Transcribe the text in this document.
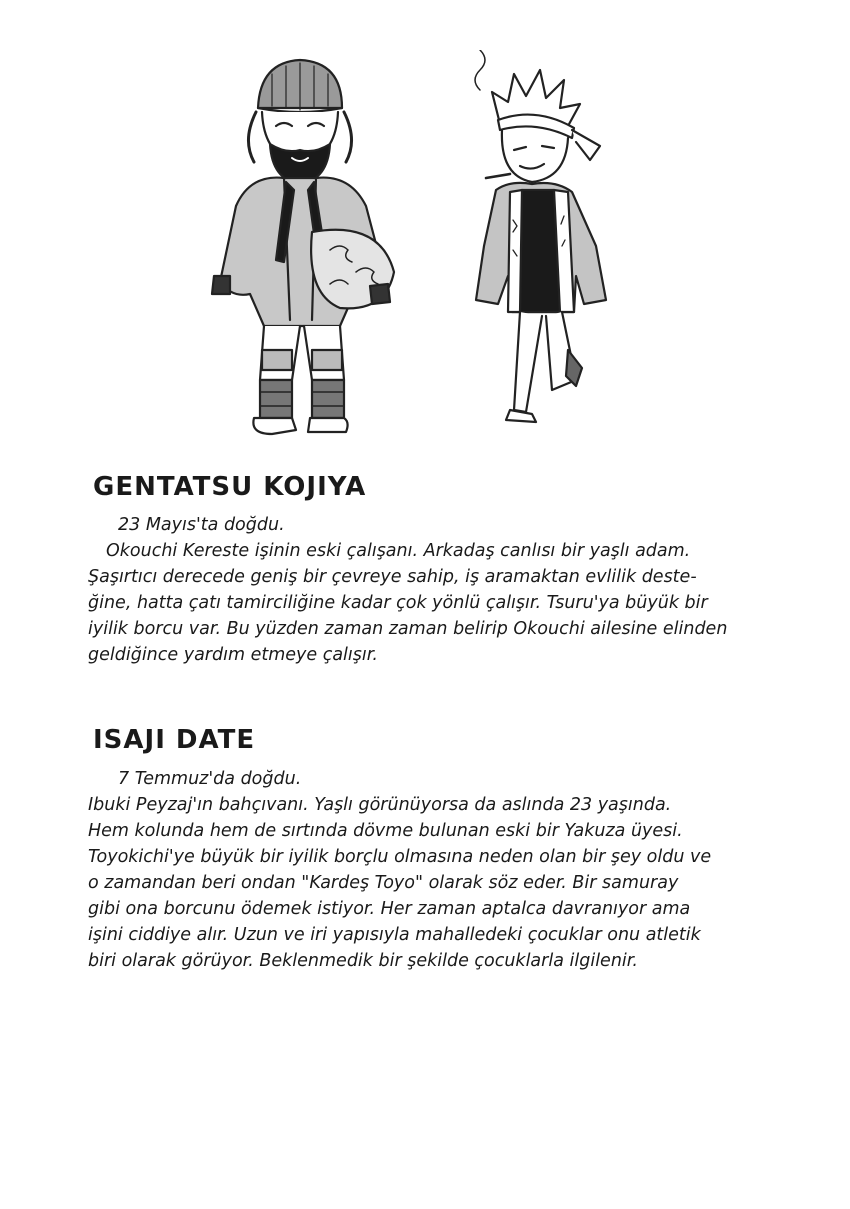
GENTATSU KOJIYA
23 Mayıs'ta doğdu.
Okouchi Kereste işinin eski çalışanı. Arkadaş canlısı bir yaşlı adam.
Şaşırtıcı derecede geniş bir çevreye sahip, iş aramaktan evlilik deste-
ğine, hatta çatı tamirciliğine kadar çok yönlü çalışır. Tsuru'ya büyük bir
iyilik borcu var. Bu yüzden zaman zaman belirip Okouchi ailesine elinden
geldiğince yardım etmeye çalışır.
ISAJI DATE
7 Temmuz'da doğdu.
Ibuki Peyzaj'ın bahçıvanı. Yaşlı görünüyorsa da aslında 23 yaşında.
Hem kolunda hem de sırtında dövme bulunan eski bir Yakuza üyesi.
Toyokichi'ye büyük bir iyilik borçlu olmasına neden olan bir şey oldu ve
o zamandan beri ondan "Kardeş Toyo" olarak söz eder. Bir samuray
gibi ona borcunu ödemek istiyor. Her zaman aptalca davranıyor ama
işini ciddiye alır. Uzun ve iri yapısıyla mahalledeki çocuklar onu atletik
biri olarak görüyor. Beklenmedik bir şekilde çocuklarla ilgilenir.
